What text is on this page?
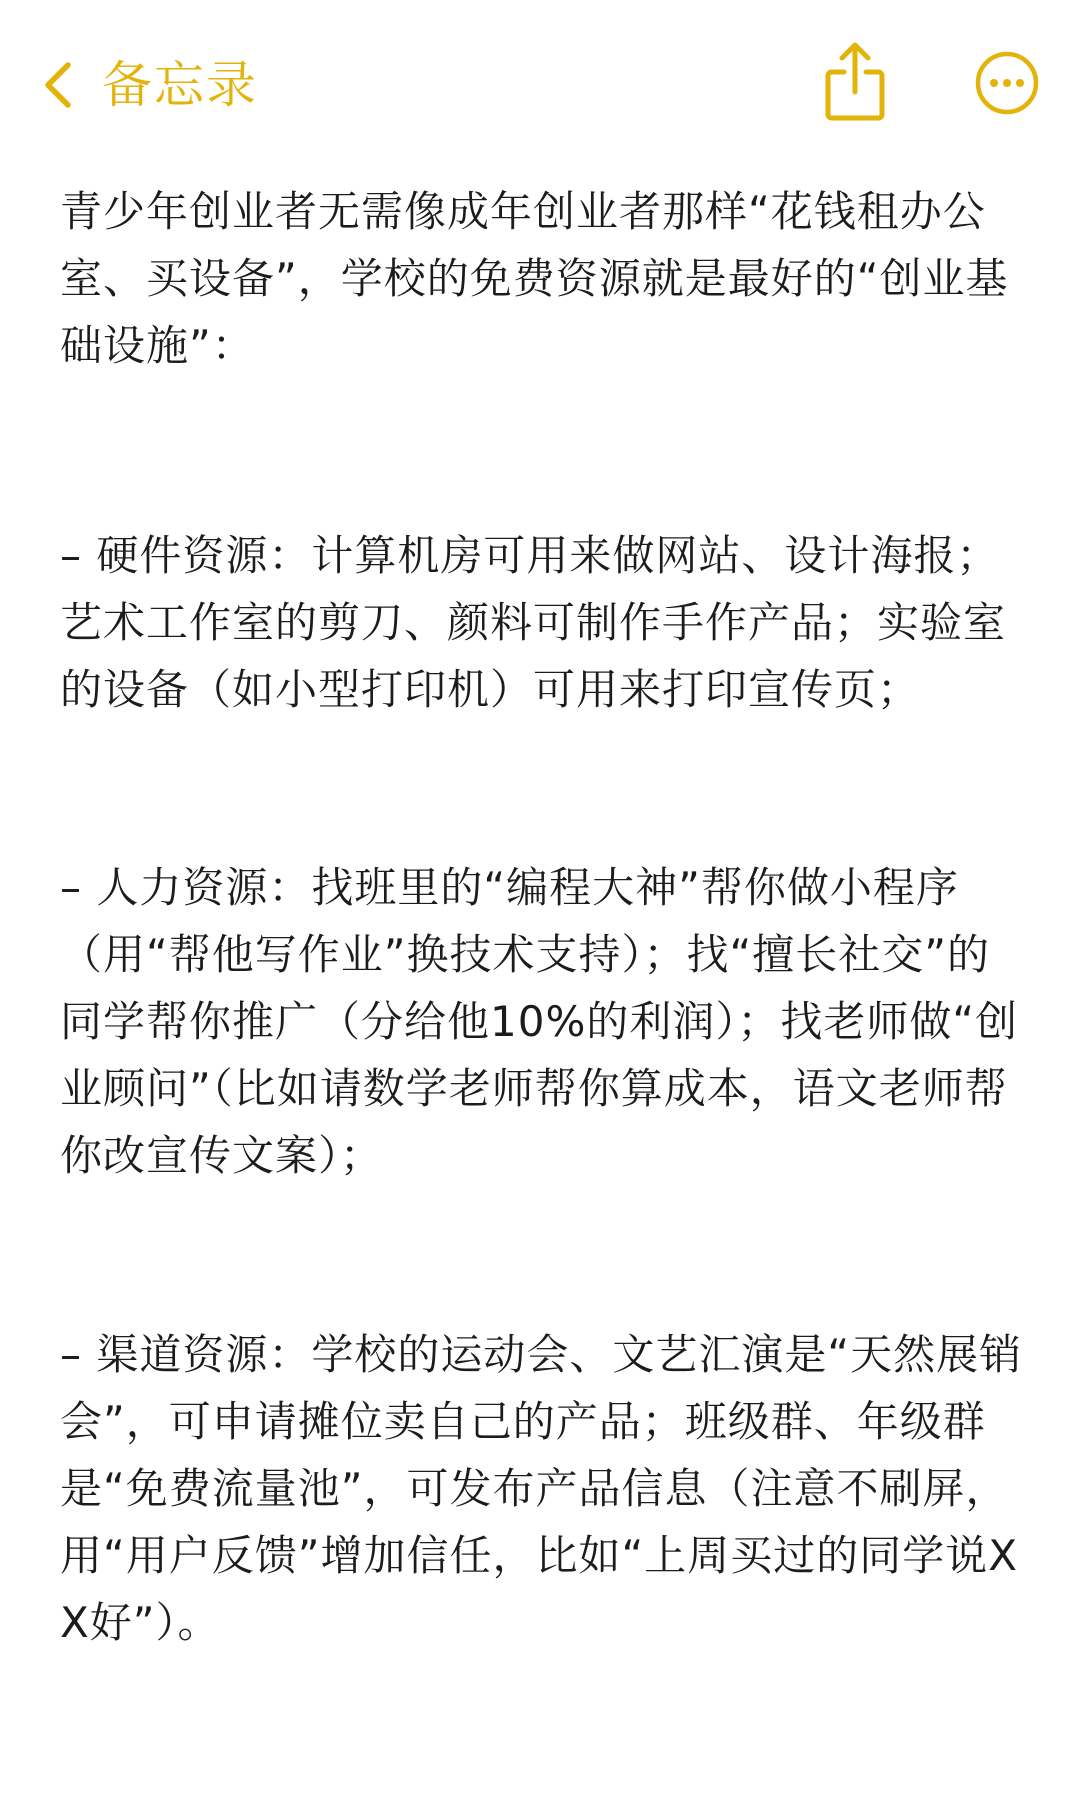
备忘录

青少年创业者无需像成年创业者那样“花钱租办公室、买设备”，学校的免费资源就是最好的“创业基础设施”：

– 硬件资源：计算机房可用来做网站、设计海报；艺术工作室的剪刀、颜料可制作手作产品；实验室的设备（如小型打印机）可用来打印宣传页；

– 人力资源：找班里的“编程大神”帮你做小程序（用“帮他写作业”换技术支持）；找“擅长社交”的同学帮你推广（分给他10%的利润）；找老师做“创业顾问”（比如请数学老师帮你算成本，语文老师帮你改宣传文案）；

– 渠道资源：学校的运动会、文艺汇演是“天然展销会”，可申请摊位卖自己的产品；班级群、年级群是“免费流量池”，可发布产品信息（注意不刷屏，用“用户反馈”增加信任，比如“上周买过的同学说XX好”）。
